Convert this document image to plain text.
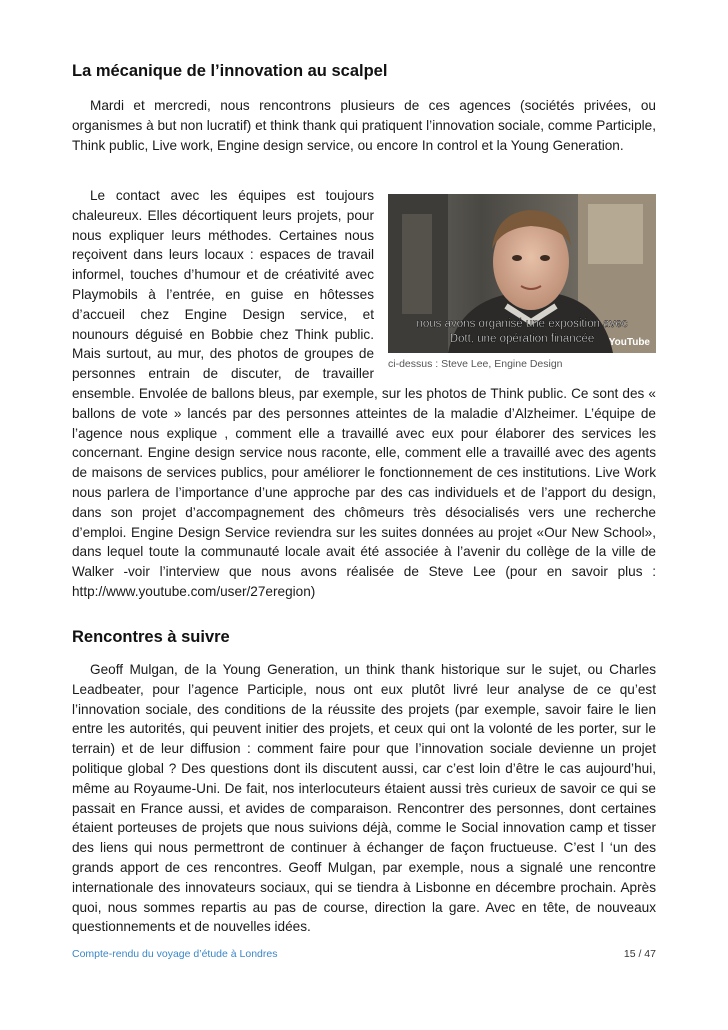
La mécanique de l’innovation au scalpel

Mardi et mercredi, nous rencontrons plusieurs de ces agences (sociétés privées, ou organismes à but non lucratif) et think thank qui pratiquent l’innovation sociale, comme Participle, Think public, Live work, Engine design service, ou encore In control et la Young Generation.

nous avons organisé une exposition avec
Dott, une opération financée YouTube
ci-dessus : Steve Lee, Engine Design

Le contact avec les équipes est toujours chaleureux. Elles décortiquent leurs projets, pour nous expliquer leurs méthodes. Certaines nous reçoivent dans leurs locaux : espaces de travail informel, touches d’humour et de créativité avec Playmobils à l’entrée, en guise en hôtesses d’accueil chez Engine Design service, et nounours déguisé en Bobbie chez Think public. Mais surtout, au mur, des photos de groupes de personnes entrain de discuter, de travailler ensemble. Envolée de ballons bleus, par exemple, sur les photos de Think public. Ce sont des « ballons de vote » lancés par des personnes atteintes de la maladie d’Alzheimer. L’équipe de l’agence nous explique , comment elle a travaillé avec eux pour élaborer des services les concernant. Engine design service nous raconte, elle, comment elle a travaillé avec des agents de maisons de services publics, pour améliorer le fonctionnement de ces institutions. Live Work nous parlera de l’importance d’une approche par des cas individuels et de l’apport du design, dans son projet d’accompagnement des chômeurs très désocialisés vers une recherche d’emploi. Engine Design Service reviendra sur les suites données au projet «Our New School», dans lequel toute la communauté locale avait été associée à l’avenir du collège de la ville de Walker -voir l’interview que nous avons réalisée de Steve Lee (pour en savoir plus : http://www.youtube.com/user/27eregion)

Rencontres à suivre

Geoff Mulgan, de la Young Generation, un think thank historique sur le sujet, ou Charles Leadbeater, pour l’agence Participle, nous ont eux plutôt livré leur analyse de ce qu’est l’innovation sociale, des conditions de la réussite des projets (par exemple, savoir faire le lien entre les autorités, qui peuvent initier des projets, et ceux qui ont la volonté de les porter, sur le terrain) et de leur diffusion : comment faire pour que l’innovation sociale devienne un projet politique global ? Des questions dont ils discutent aussi, car c’est loin d’être le cas aujourd’hui, même au Royaume-Uni. De fait, nos interlocuteurs étaient aussi très curieux de savoir ce qui se passait en France aussi, et avides de comparaison. Rencontrer des personnes, dont certaines étaient porteuses de projets que nous suivions déjà, comme le Social innovation camp et tisser des liens qui nous permettront de continuer à échanger de façon fructueuse. C’est l ‘un des grands apport de ces rencontres. Geoff Mulgan, par exemple, nous a signalé une rencontre internationale des innovateurs sociaux, qui se tiendra à Lisbonne en décembre prochain. Après quoi, nous sommes repartis au pas de course, direction la gare. Avec en tête, de nouveaux questionnements et de nouvelles idées.

Compte-rendu du voyage d’étude à Londres	15 / 47
